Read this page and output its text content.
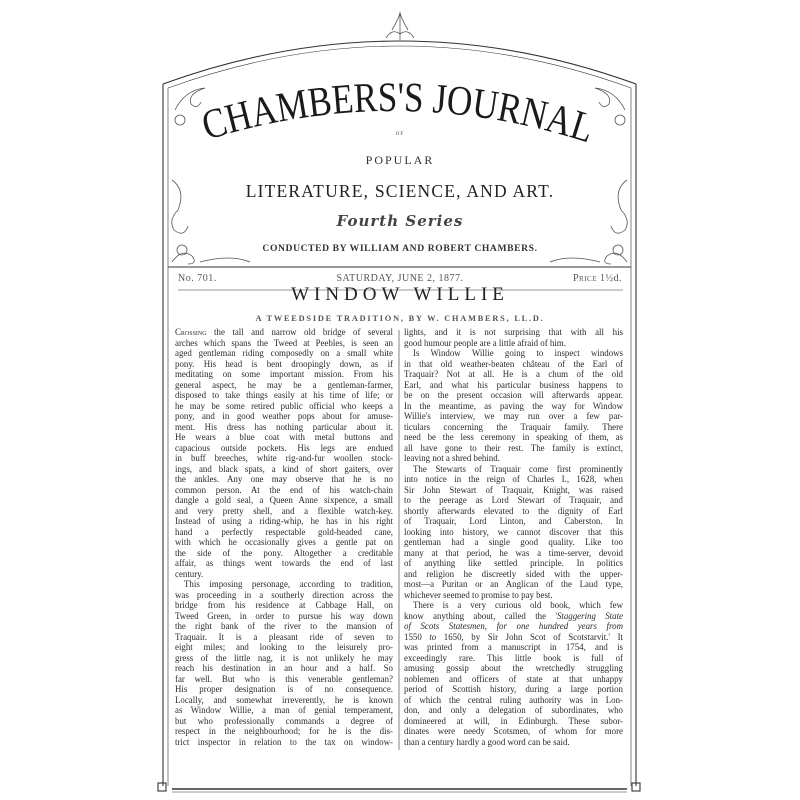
CHAMBERS'S JOURNAL
OF
POPULAR
LITERATURE, SCIENCE, AND ART.
Fourth Series
CONDUCTED BY WILLIAM AND ROBERT CHAMBERS.
No. 701.	SATURDAY, JUNE 2, 1877.	Price 1½d.
WINDOW WILLIE
A TWEEDSIDE TRADITION, BY W. CHAMBERS, LL.D.
Crossing the tall and narrow old bridge of several
arches which spans the Tweed at Peebles, is seen an
aged gentleman riding composedly on a small white
pony. His head is bent droopingly down, as if
meditating on some important mission. From his
general aspect, he may be a gentleman-farmer,
disposed to take things easily at his time of life; or
he may be some retired public official who keeps a
pony, and in good weather pops about for amuse-
ment. His dress has nothing particular about it.
He wears a blue coat with metal buttons and
capacious outside pockets. His legs are endued
in buff breeches, white rig-and-fur woollen stock-
ings, and black spats, a kind of short gaiters, over
the ankles. Any one may observe that he is no
common person. At the end of his watch-chain
dangle a gold seal, a Queen Anne sixpence, a small
and very pretty shell, and a flexible watch-key.
Instead of using a riding-whip, he has in his right
hand a perfectly respectable gold-headed cane,
with which he occasionally gives a gentle pat on
the side of the pony. Altogether a creditable
affair, as things went towards the end of last
century.
This imposing personage, according to tradition,
was proceeding in a southerly direction across the
bridge from his residence at Cabbage Hall, on
Tweed Green, in order to pursue his way down
the right bank of the river to the mansion of
Traquair. It is a pleasant ride of seven to
eight miles; and looking to the leisurely pro-
gress of the little nag, it is not unlikely he may
reach his destination in an hour and a half. So
far well. But who is this venerable gentleman?
His proper designation is of no consequence.
Locally, and somewhat irreverently, he is known
as Window Willie, a man of genial temperament,
but who professionally commands a degree of
respect in the neighbourhood; for he is the dis-
trict inspector in relation to the tax on window-
lights, and it is not surprising that with all his
good humour people are a little afraid of him.
Is Window Willie going to inspect windows
in that old weather-beaten château of the Earl of
Traquair? Not at all. He is a chum of the old
Earl, and what his particular business happens to
be on the present occasion will afterwards appear.
In the meantime, as paving the way for Window
Willie's interview, we may run over a few par-
ticulars concerning the Traquair family. There
need be the less ceremony in speaking of them, as
all have gone to their rest. The family is extinct,
leaving not a shred behind.
The Stewarts of Traquair come first prominently
into notice in the reign of Charles I., 1628, when
Sir John Stewart of Traquair, Knight, was raised
to the peerage as Lord Stewart of Traquair, and
shortly afterwards elevated to the dignity of Earl
of Traquair, Lord Linton, and Caberston. In
looking into history, we cannot discover that this
gentleman had a single good quality. Like too
many at that period, he was a time-server, devoid
of anything like settled principle. In politics
and religion he discreetly sided with the upper-
most—a Puritan or an Anglican of the Laud type,
whichever seemed to promise to pay best.
There is a very curious old book, which few
know anything about, called the 'Staggering State
of Scots Statesmen, for one hundred years from
1550 to 1650, by Sir John Scot of Scotstarvit.' It
was printed from a manuscript in 1754, and is
exceedingly rare. This little book is full of
amusing gossip about the wretchedly struggling
noblemen and officers of state at that unhappy
period of Scottish history, during a large portion
of which the central ruling authority was in Lon-
don, and only a delegation of subordinates, who
domineered at will, in Edinburgh. These subor-
dinates were needy Scotsmen, of whom for more
than a century hardly a good word can be said.
